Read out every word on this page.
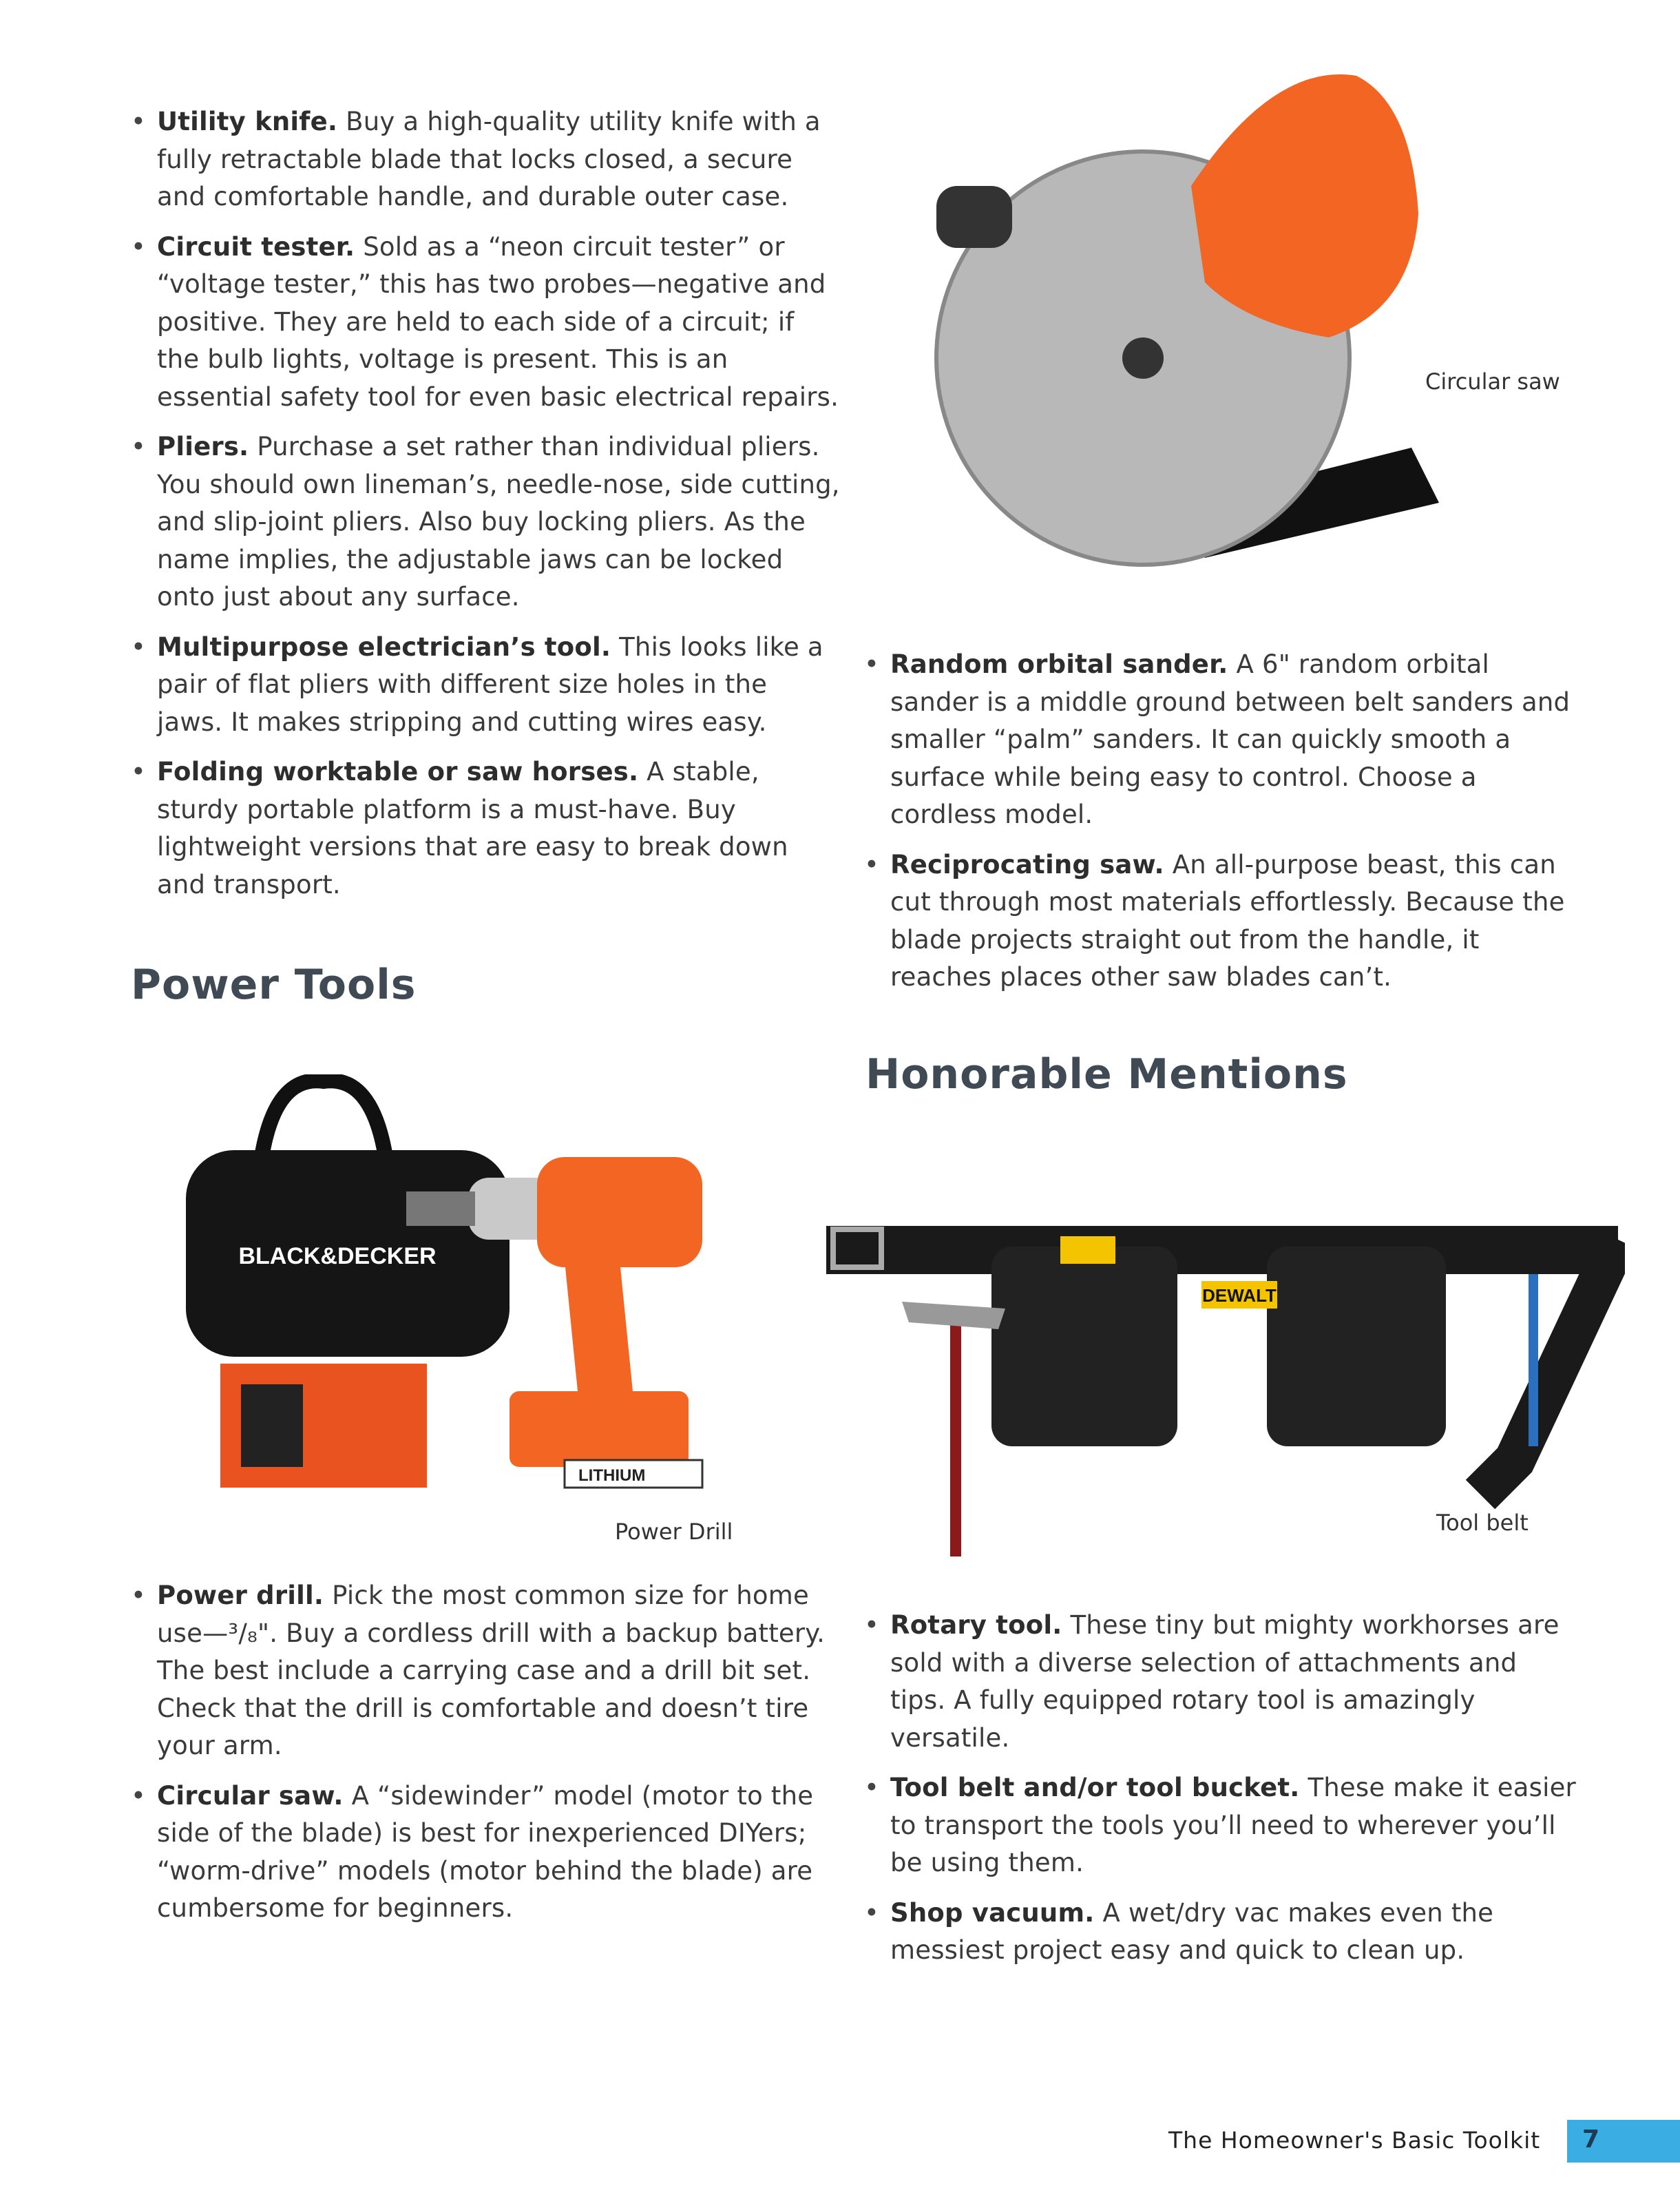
• Utility knife. Buy a high-quality utility knife with a fully retractable blade that locks closed, a secure and comfortable handle, and durable outer case.
• Circuit tester. Sold as a “neon circuit tester” or “voltage tester,” this has two probes—negative and positive. They are held to each side of a circuit; if the bulb lights, voltage is present. This is an essential safety tool for even basic electrical repairs.
• Pliers. Purchase a set rather than individual pliers. You should own lineman’s, needle-nose, side cutting, and slip-joint pliers. Also buy locking pliers. As the name implies, the adjustable jaws can be locked onto just about any surface.
• Multipurpose electrician’s tool. This looks like a pair of flat pliers with different size holes in the jaws. It makes stripping and cutting wires easy.
• Folding worktable or saw horses. A stable, sturdy portable platform is a must-have. Buy lightweight versions that are easy to break down and transport.
Power Tools
BLACK&DECKER
LITHIUM
Power Drill
• Power drill. Pick the most common size for home use—³/₈". Buy a cordless drill with a backup battery. The best include a carrying case and a drill bit set. Check that the drill is comfortable and doesn’t tire your arm.
• Circular saw. A “sidewinder” model (motor to the side of the blade) is best for inexperienced DIYers; “worm-drive” models (motor behind the blade) are cumbersome for beginners.
Circular saw
• Random orbital sander. A 6" random orbital sander is a middle ground between belt sanders and smaller “palm” sanders. It can quickly smooth a surface while being easy to control. Choose a cordless model.
• Reciprocating saw. An all-purpose beast, this can cut through most materials effortlessly. Because the blade projects straight out from the handle, it reaches places other saw blades can’t.
Honorable Mentions
DEWALT
Tool belt
• Rotary tool. These tiny but mighty workhorses are sold with a diverse selection of attachments and tips. A fully equipped rotary tool is amazingly versatile.
• Tool belt and/or tool bucket. These make it easier to transport the tools you’ll need to wherever you’ll be using them.
• Shop vacuum. A wet/dry vac makes even the messiest project easy and quick to clean up.
The Homeowner's Basic Toolkit 7
